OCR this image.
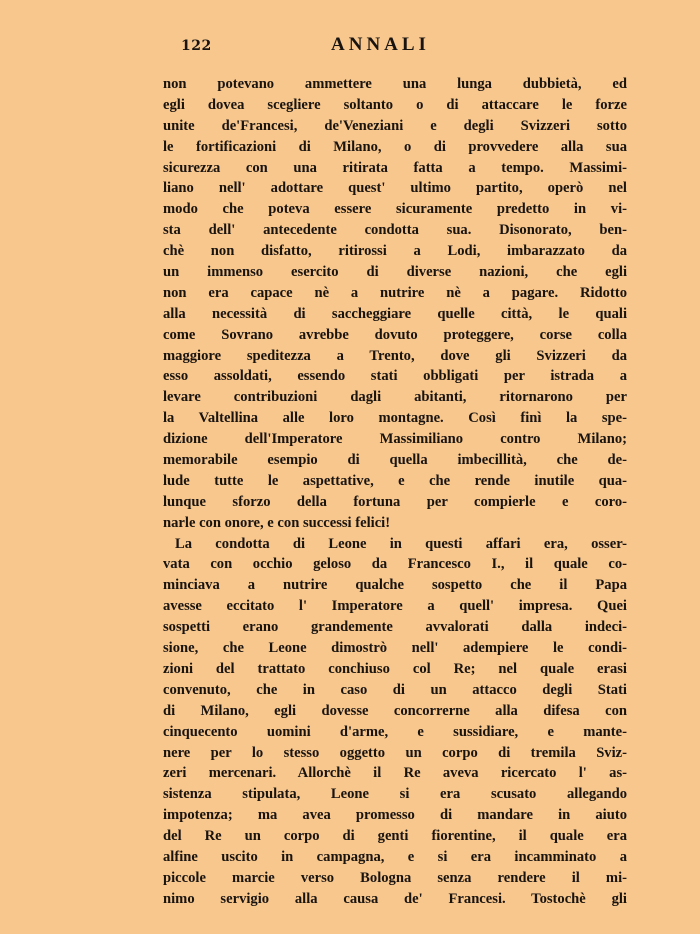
122	ANNALI
non potevano ammettere una lunga dubbietà, ed
egli dovea scegliere soltanto o di attaccare le forze
unite de'Francesi, de'Veneziani e degli Svizzeri sotto
le fortificazioni di Milano, o di provvedere alla sua
sicurezza con una ritirata fatta a tempo. Massimi-
liano nell' adottare quest' ultimo partito, operò nel
modo che poteva essere sicuramente predetto in vi-
sta dell' antecedente condotta sua. Disonorato, ben-
chè non disfatto, ritirossi a Lodi, imbarazzato da
un immenso esercito di diverse nazioni, che egli
non era capace nè a nutrire nè a pagare. Ridotto
alla necessità di saccheggiare quelle città, le quali
come Sovrano avrebbe dovuto proteggere, corse colla
maggiore speditezza a Trento, dove gli Svizzeri da
esso assoldati, essendo stati obbligati per istrada a
levare contribuzioni dagli abitanti, ritornarono per
la Valtellina alle loro montagne. Così finì la spe-
dizione dell'Imperatore Massimiliano contro Milano;
memorabile esempio di quella imbecillità, che de-
lude tutte le aspettative, e che rende inutile qua-
lunque sforzo della fortuna per compierle e coro-
narle con onore, e con successi felici!
La condotta di Leone in questi affari era, osser-
vata con occhio geloso da Francesco I., il quale co-
minciava a nutrire qualche sospetto che il Papa
avesse eccitato l' Imperatore a quell' impresa. Quei
sospetti erano grandemente avvalorati dalla indeci-
sione, che Leone dimostrò nell' adempiere le condi-
zioni del trattato conchiuso col Re; nel quale erasi
convenuto, che in caso di un attacco degli Stati
di Milano, egli dovesse concorrerne alla difesa con
cinquecento uomini d'arme, e sussidiare, e mante-
nere per lo stesso oggetto un corpo di tremila Sviz-
zeri mercenari. Allorchè il Re aveva ricercato l' as-
sistenza stipulata, Leone si era scusato allegando
impotenza; ma avea promesso di mandare in aiuto
del Re un corpo di genti fiorentine, il quale era
alfine uscito in campagna, e si era incamminato a
piccole marcie verso Bologna senza rendere il mi-
nimo servigio alla causa de' Francesi. Tostochè gli
